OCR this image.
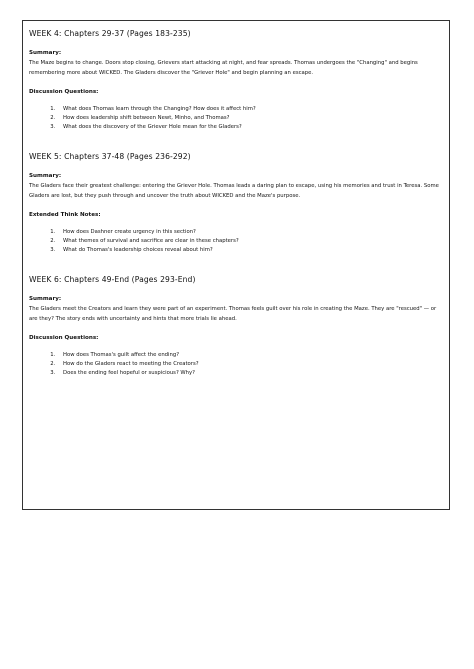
WEEK 4: Chapters 29-37 (Pages 183-235)
Summary:
The Maze begins to change. Doors stop closing, Grievers start attacking at night, and fear spreads. Thomas undergoes the "Changing" and begins remembering more about WICKED. The Gladers discover the "Griever Hole" and begin planning an escape.
Discussion Questions:
1. What does Thomas learn through the Changing? How does it affect him?
2. How does leadership shift between Newt, Minho, and Thomas?
3. What does the discovery of the Griever Hole mean for the Gladers?
WEEK 5: Chapters 37-48 (Pages 236-292)
Summary:
The Gladers face their greatest challenge: entering the Griever Hole. Thomas leads a daring plan to escape, using his memories and trust in Teresa. Some Gladers are lost, but they push through and uncover the truth about WICKED and the Maze's purpose.
Extended Think Notes:
1. How does Dashner create urgency in this section?
2. What themes of survival and sacrifice are clear in these chapters?
3. What do Thomas's leadership choices reveal about him?
WEEK 6: Chapters 49-End (Pages 293-End)
Summary:
The Gladers meet the Creators and learn they were part of an experiment. Thomas feels guilt over his role in creating the Maze. They are "rescued" — or are they? The story ends with uncertainty and hints that more trials lie ahead.
Discussion Questions:
1. How does Thomas's guilt affect the ending?
2. How do the Gladers react to meeting the Creators?
3. Does the ending feel hopeful or suspicious? Why?
